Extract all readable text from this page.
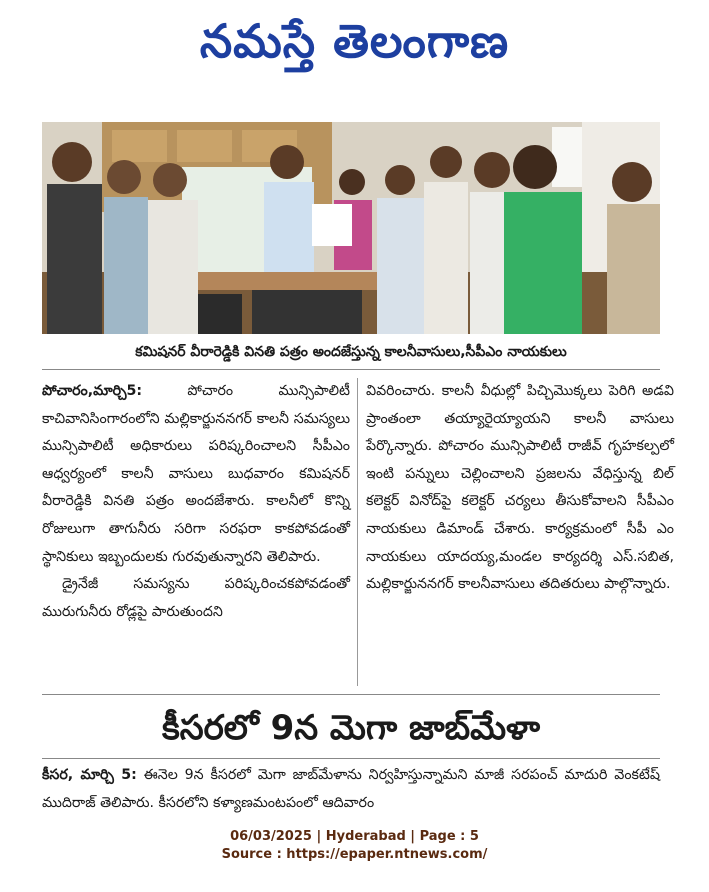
నమస్తే తెలంగాణ
కమిషనర్ వీరారెడ్డికి వినతి పత్రం అందజేస్తున్న కాలనీవాసులు,సీపీఎం నాయకులు

పోచారం,మార్చి5:	పోచారం మున్సిపాలిటీ కాచివానిసింగారంలోని మల్లికార్జుననగర్ కాలనీ సమస్యలు మున్సిపాలిటీ అధికారులు పరిష్కరించాలని సీపీఎం ఆధ్వర్యంలో కాలనీ వాసులు బుధవారం కమిషనర్ వీరారెడ్డికి వినతి పత్రం అందజేశారు. కాలనీలో కొన్ని రోజులుగా తాగునీరు సరిగా సరఫరా కాకపోవడంతో స్థానికులు ఇబ్బందులకు గురవుతున్నారని తెలిపారు.

డ్రైనేజీ సమస్యను పరిష్కరించకపోవడంతో మురుగునీరు రోడ్లపై పారుతుందని

వివరించారు. కాలనీ వీధుల్లో పిచ్చిమొక్కలు పెరిగి అడవి ప్రాంతంలా తయ్యారైయ్యాయని కాలనీ వాసులు పేర్కొన్నారు. పోచారం మున్సిపాలిటీ రాజీవ్ గృహకల్పలో ఇంటి పన్నులు చెల్లించాలని ప్రజలను వేధిస్తున్న బిల్ కలెక్టర్ వినోద్‌పై కలెక్టర్ చర్యలు తీసుకోవాలని సీపీఎం నాయకులు డిమాండ్ చేశారు. కార్యక్రమంలో సీపీ ఎం నాయకులు యాదయ్య,మండల కార్యదర్శి ఎస్.సబిత, మల్లికార్జుననగర్ కాలనీవాసులు తదితరులు పాల్గొన్నారు.

కీసరలో 9న మెగా జాబ్‌మేళా

కీసర, మార్చి 5: ఈనెల 9న కీసరలో మెగా జాబ్‌మేళాను నిర్వహిస్తున్నామని మాజీ సరపంచ్ మాదురి వెంకటేష్ ముదిరాజ్ తెలిపారు. కీసరలోని కళ్యాణమంటపంలో ఆదివారం

06/03/2025 | Hyderabad | Page : 5
Source : https://epaper.ntnews.com/
